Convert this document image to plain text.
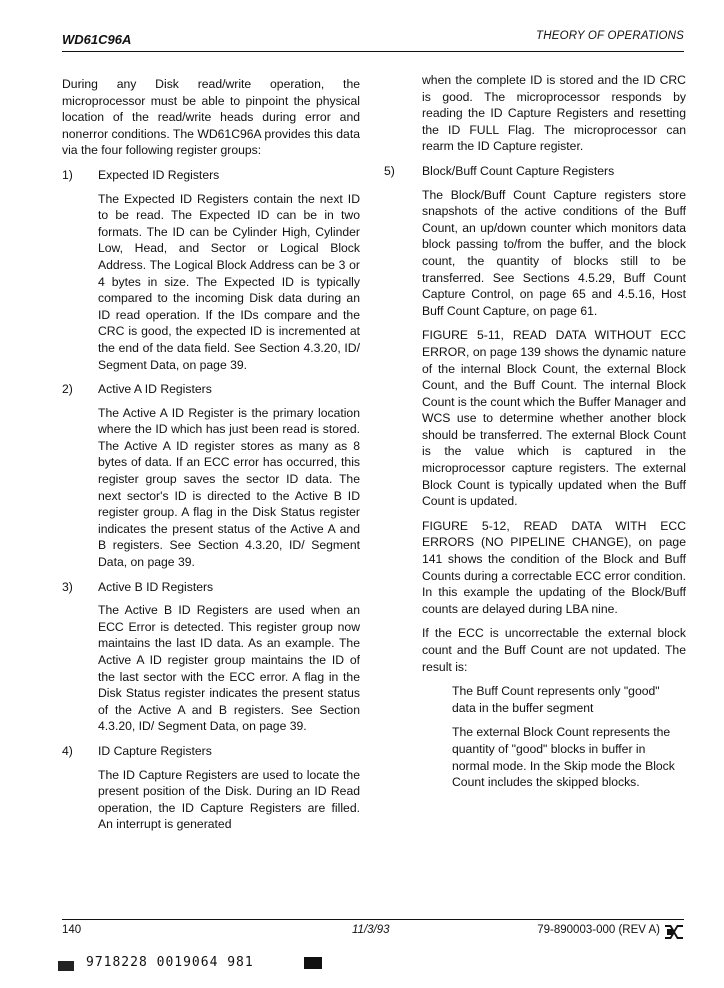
WD61C96A	THEORY OF OPERATIONS

During any Disk read/write operation, the microprocessor must be able to pinpoint the physical location of the read/write heads during error and nonerror conditions. The WD61C96A provides this data via the four following register groups:

1) Expected ID Registers
The Expected ID Registers contain the next ID to be read. The Expected ID can be in two formats. The ID can be Cylinder High, Cylinder Low, Head, and Sector or Logical Block Address. The Logical Block Address can be 3 or 4 bytes in size. The Expected ID is typically compared to the incoming Disk data during an ID read operation. If the IDs compare and the CRC is good, the expected ID is incremented at the end of the data field. See Section 4.3.20, ID/ Segment Data, on page 39.
2) Active A ID Registers
The Active A ID Register is the primary location where the ID which has just been read is stored. The Active A ID register stores as many as 8 bytes of data. If an ECC error has occurred, this register group saves the sector ID data. The next sector's ID is directed to the Active B ID register group. A flag in the Disk Status register indicates the present status of the Active A and B registers. See Section 4.3.20, ID/ Segment Data, on page 39.
3) Active B ID Registers
The Active B ID Registers are used when an ECC Error is detected. This register group now maintains the last ID data. As an example. The Active A ID register group maintains the ID of the last sector with the ECC error. A flag in the Disk Status register indicates the present status of the Active A and B registers. See Section 4.3.20, ID/ Segment Data, on page 39.
4) ID Capture Registers
The ID Capture Registers are used to locate the present position of the Disk. During an ID Read operation, the ID Capture Registers are filled. An interrupt is generated
when the complete ID is stored and the ID CRC is good. The microprocessor responds by reading the ID Capture Registers and resetting the ID FULL Flag. The microprocessor can rearm the ID Capture register.
5) Block/Buff Count Capture Registers
The Block/Buff Count Capture registers store snapshots of the active conditions of the Buff Count, an up/down counter which monitors data block passing to/from the buffer, and the block count, the quantity of blocks still to be transferred. See Sections 4.5.29, Buff Count Capture Control, on page 65 and 4.5.16, Host Buff Count Capture, on page 61.
FIGURE 5-11, READ DATA WITHOUT ECC ERROR, on page 139 shows the dynamic nature of the internal Block Count, the external Block Count, and the Buff Count. The internal Block Count is the count which the Buffer Manager and WCS use to determine whether another block should be transferred. The external Block Count is the value which is captured in the microprocessor capture registers. The external Block Count is typically updated when the Buff Count is updated.
FIGURE 5-12, READ DATA WITH ECC ERRORS (NO PIPELINE CHANGE), on page 141 shows the condition of the Block and Buff Counts during a correctable ECC error condition. In this example the updating of the Block/Buff counts are delayed during LBA nine.
If the ECC is uncorrectable the external block count and the Buff Count are not updated. The result is:
The Buff Count represents only "good" data in the buffer segment
The external Block Count represents the quantity of "good" blocks in buffer in normal mode. In the Skip mode the Block Count includes the skipped blocks.
140	11/3/93	79-890003-000 (REV A)
9718228 0019064 981
